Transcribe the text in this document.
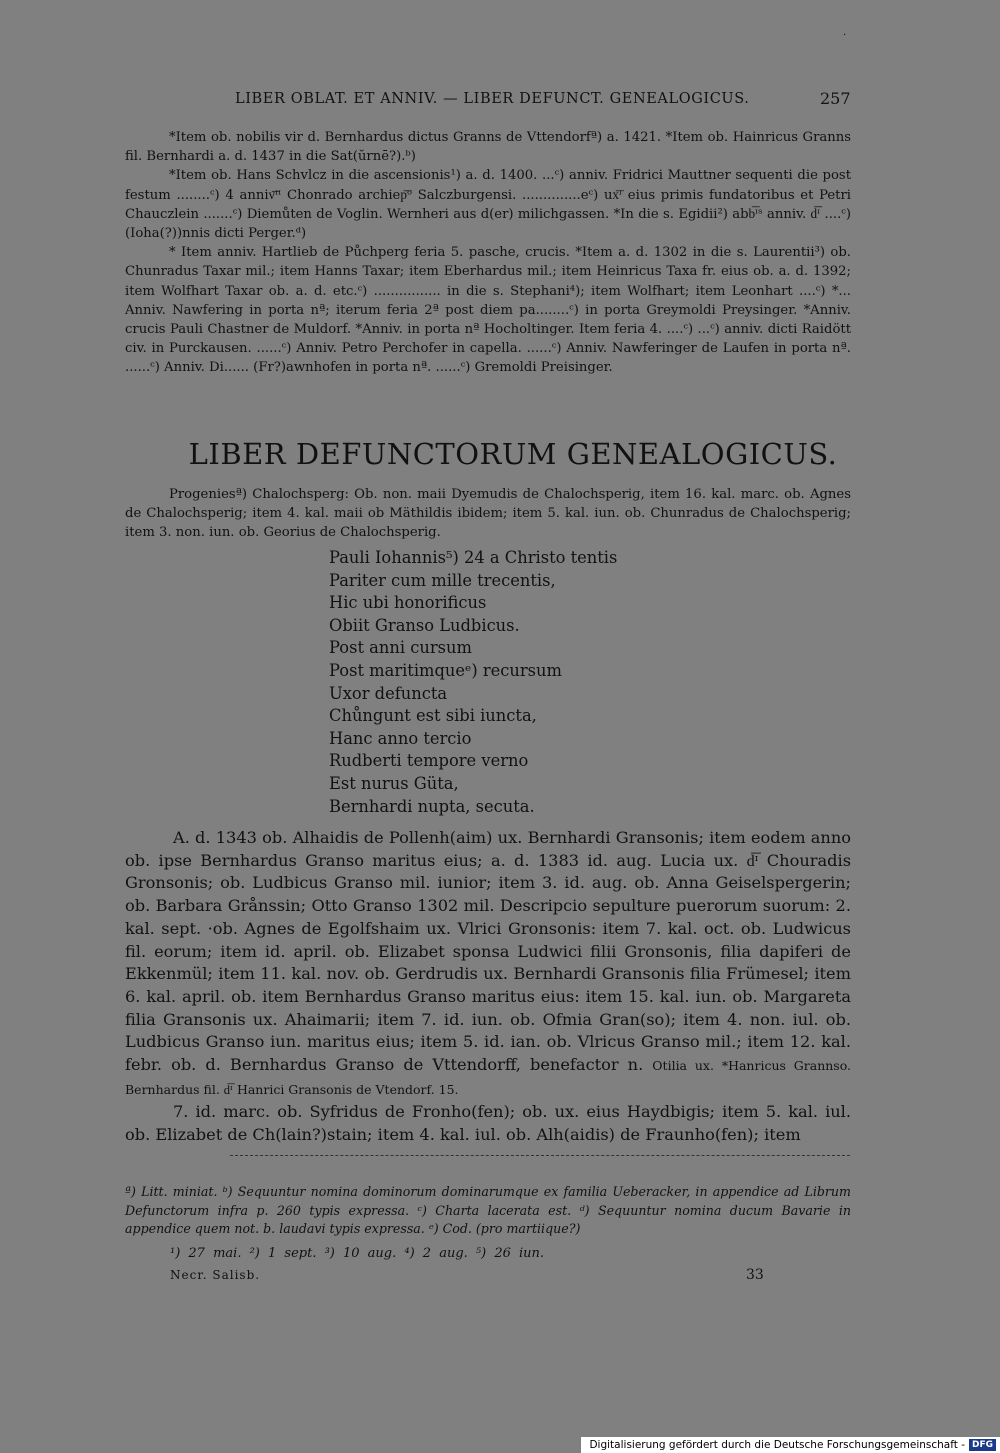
·
LIBER OBLAT. ET ANNIV. — LIBER DEFUNCT. GENEALOGICUS.	257

*Item ob. nobilis vir d. Bernhardus dictus Granns de Vttendorfª) a. 1421. *Item ob. Hainricus Granns fil. Bernhardi a. d. 1437 in die Sat(ŭrnē?).ᵇ)

*Item ob. Hans Schvlcz in die ascensionis¹) a. d. 1400. ...ᶜ) anniv. Fridrici Mauttner sequenti die post festum ........ᶜ) 4 anniv͞ᶦᶦ Chonrado archiep͞ᵒ Salczburgensi. ..............eᶜ) ux͞ᶦ eius primis fundatoribus et Petri Chauczlein .......ᶜ) Diemůten de Voglin. Wernheri aus d(er) milichgassen. *In die s. Egidii²) abb͞ᶦˢ anniv. d͞ᶦ ....ᶜ) (Ioha(?))nnis dicti Perger.ᵈ)

* Item anniv. Hartlieb de Půchperg feria 5. pasche, crucis. *Item a. d. 1302 in die s. Laurentii³) ob. Chunradus Taxar mil.; item Hanns Taxar; item Eberhardus mil.; item Heinricus Taxa fr. eius ob. a. d. 1392; item Wolfhart Taxar ob. a. d. etc.ᶜ) ................ in die s. Stephani⁴); item Wolfhart; item Leonhart ....ᶜ) *... Anniv. Nawfering in porta nª; iterum feria 2ª post diem pa........ᶜ) in porta Greymoldi Preysinger. *Anniv. crucis Pauli Chastner de Muldorf. *Anniv. in porta nª Hocholtinger. Item feria 4. ....ᶜ) ...ᶜ) anniv. dicti Raidött civ. in Purckausen. ......ᶜ) Anniv. Petro Perchofer in capella. ......ᶜ) Anniv. Nawferinger de Laufen in porta nª. ......ᶜ) Anniv. Di...... (Fr?)awnhofen in porta nª. ......ᶜ) Gremoldi Preisinger.

LIBER DEFUNCTORUM GENEALOGICUS.

Progeniesª) Chalochsperg: Ob. non. maii Dyemudis de Chalochsperig, item 16. kal. marc. ob. Agnes de Chalochsperig; item 4. kal. maii ob Mäthildis ibidem; item 5. kal. iun. ob. Chunradus de Chalochsperig; item 3. non. iun. ob. Georius de Chalochsperig.

Pauli Iohannis⁵) 24 a Christo tentis
Pariter cum mille trecentis,
Hic ubi honorificus
Obiit Granso Ludbicus.
Post anni cursum
Post maritimqueᵉ) recursum
Uxor defuncta
Chůngunt est sibi iuncta,
Hanc anno tercio
Rudberti tempore verno
Est nurus Güta,
Bernhardi nupta, secuta.

A. d. 1343 ob. Alhaidis de Pollenh(aim) ux. Bernhardi Gransonis; item eodem anno ob. ipse Bernhardus Granso maritus eius; a. d. 1383 id. aug. Lucia ux. d͞ᶦ Chouradis Gronsonis; ob. Ludbicus Granso mil. iunior; item 3. id. aug. ob. Anna Geiselspergerin; ob. Barbara Grånssin; Otto Granso 1302 mil. Descripcio sepulture puerorum suorum: 2. kal. sept. ·ob. Agnes de Egolfshaim ux. Vlrici Gronsonis: item 7. kal. oct. ob. Ludwicus fil. eorum; item id. april. ob. Elizabet sponsa Ludwici filii Gronsonis, filia dapiferi de Ekkenmül; item 11. kal. nov. ob. Gerdrudis ux. Bernhardi Gransonis filia Frümesel; item 6. kal. april. ob. item Bernhardus Granso maritus eius: item 15. kal. iun. ob. Margareta filia Gransonis ux. Ahaimarii; item 7. id. iun. ob. Ofmia Gran(so); item 4. non. iul. ob. Ludbicus Granso iun. maritus eius; item 5. id. ian. ob. Vlricus Granso mil.; item 12. kal. febr. ob. d. Bernhardus Granso de Vttendorff, benefactor n. Otilia ux. *Hanricus Grannso. Bernhardus fil. d͞ᶦ Hanrici Gransonis de Vtendorf. 15.

7. id. marc. ob. Syfridus de Fronho(fen); ob. ux. eius Haydbigis; item 5. kal. iul. ob. Elizabet de Ch(lain?)stain; item 4. kal. iul. ob. Alh(aidis) de Fraunho(fen); item

ª) Litt. miniat. ᵇ) Sequuntur nomina dominorum dominarumque ex familia Ueberacker, in appendice ad Librum Defunctorum infra p. 260 typis expressa. ᶜ) Charta lacerata est. ᵈ) Sequuntur nomina ducum Bavarie in appendice quem not. b. laudavi typis expressa. ᵉ) Cod. (pro martiique?)
¹) 27 mai. ²) 1 sept. ³) 10 aug. ⁴) 2 aug. ⁵) 26 iun.
Necr. Salisb.	33
Digitalisierung gefördert durch die Deutsche Forschungsgemeinschaft - DFG
